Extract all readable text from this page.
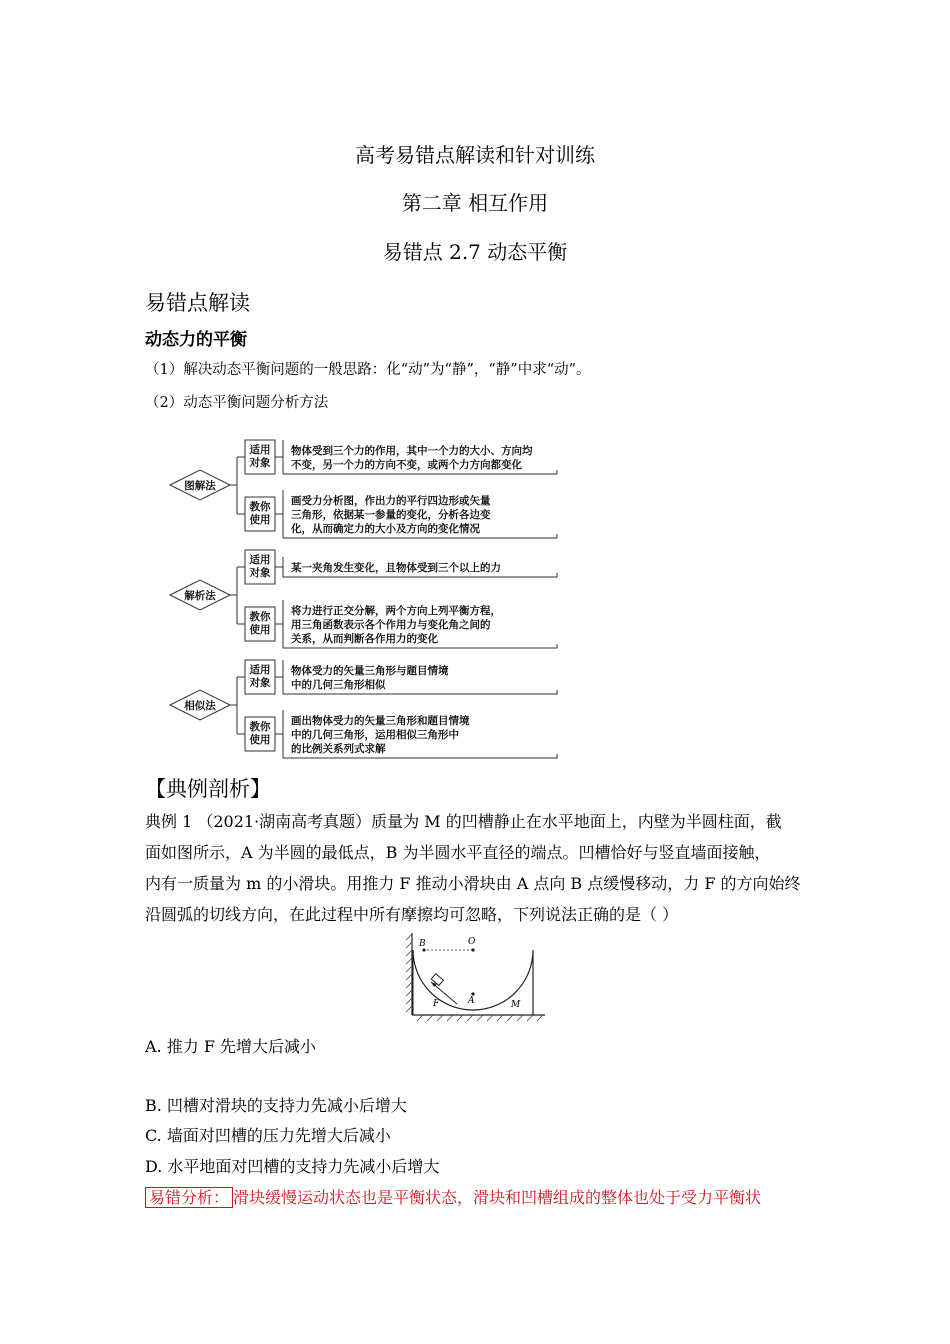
高考易错点解读和针对训练
第二章 相互作用
易错点 2.7 动态平衡
易错点解读
动态力的平衡
（1）解决动态平衡问题的一般思路：化“动”为“静”，“静”中求“动”。
（2）动态平衡问题分析方法
图解法
适用
对象
教你
使用
物体受到三个力的作用，其中一个力的大小、方向均
不变，另一个力的方向不变，或两个力方向都变化
画受力分析图，作出力的平行四边形或矢量
三角形，依据某一参量的变化，分析各边变
化，从而确定力的大小及方向的变化情况
解析法
适用
对象
教你
使用
某一夹角发生变化，且物体受到三个以上的力
将力进行正交分解，两个方向上列平衡方程，
用三角函数表示各个作用力与变化角之间的
关系，从而判断各作用力的变化
相似法
适用
对象
教你
使用
物体受力的矢量三角形与题目情境
中的几何三角形相似
画出物体受力的矢量三角形和题目情境
中的几何三角形，运用相似三角形中
的比例关系列式求解
【典例剖析】
典例 1 （2021·湖南高考真题）质量为 M 的凹槽静止在水平地面上，内壁为半圆柱面，截
面如图所示，A 为半圆的最低点，B 为半圆水平直径的端点。凹槽恰好与竖直墙面接触，
内有一质量为 m 的小滑块。用推力 F 推动小滑块由 A 点向 B 点缓慢移动，力 F 的方向始终
沿圆弧的切线方向，在此过程中所有摩擦均可忽略，下列说法正确的是（ ）
B	O
A
F	M
A. 推力 F 先增大后减小
B. 凹槽对滑块的支持力先减小后增大
C. 墙面对凹槽的压力先增大后减小
D. 水平地面对凹槽的支持力先减小后增大
易错分析： 滑块缓慢运动状态也是平衡状态，滑块和凹槽组成的整体也处于受力平衡状
